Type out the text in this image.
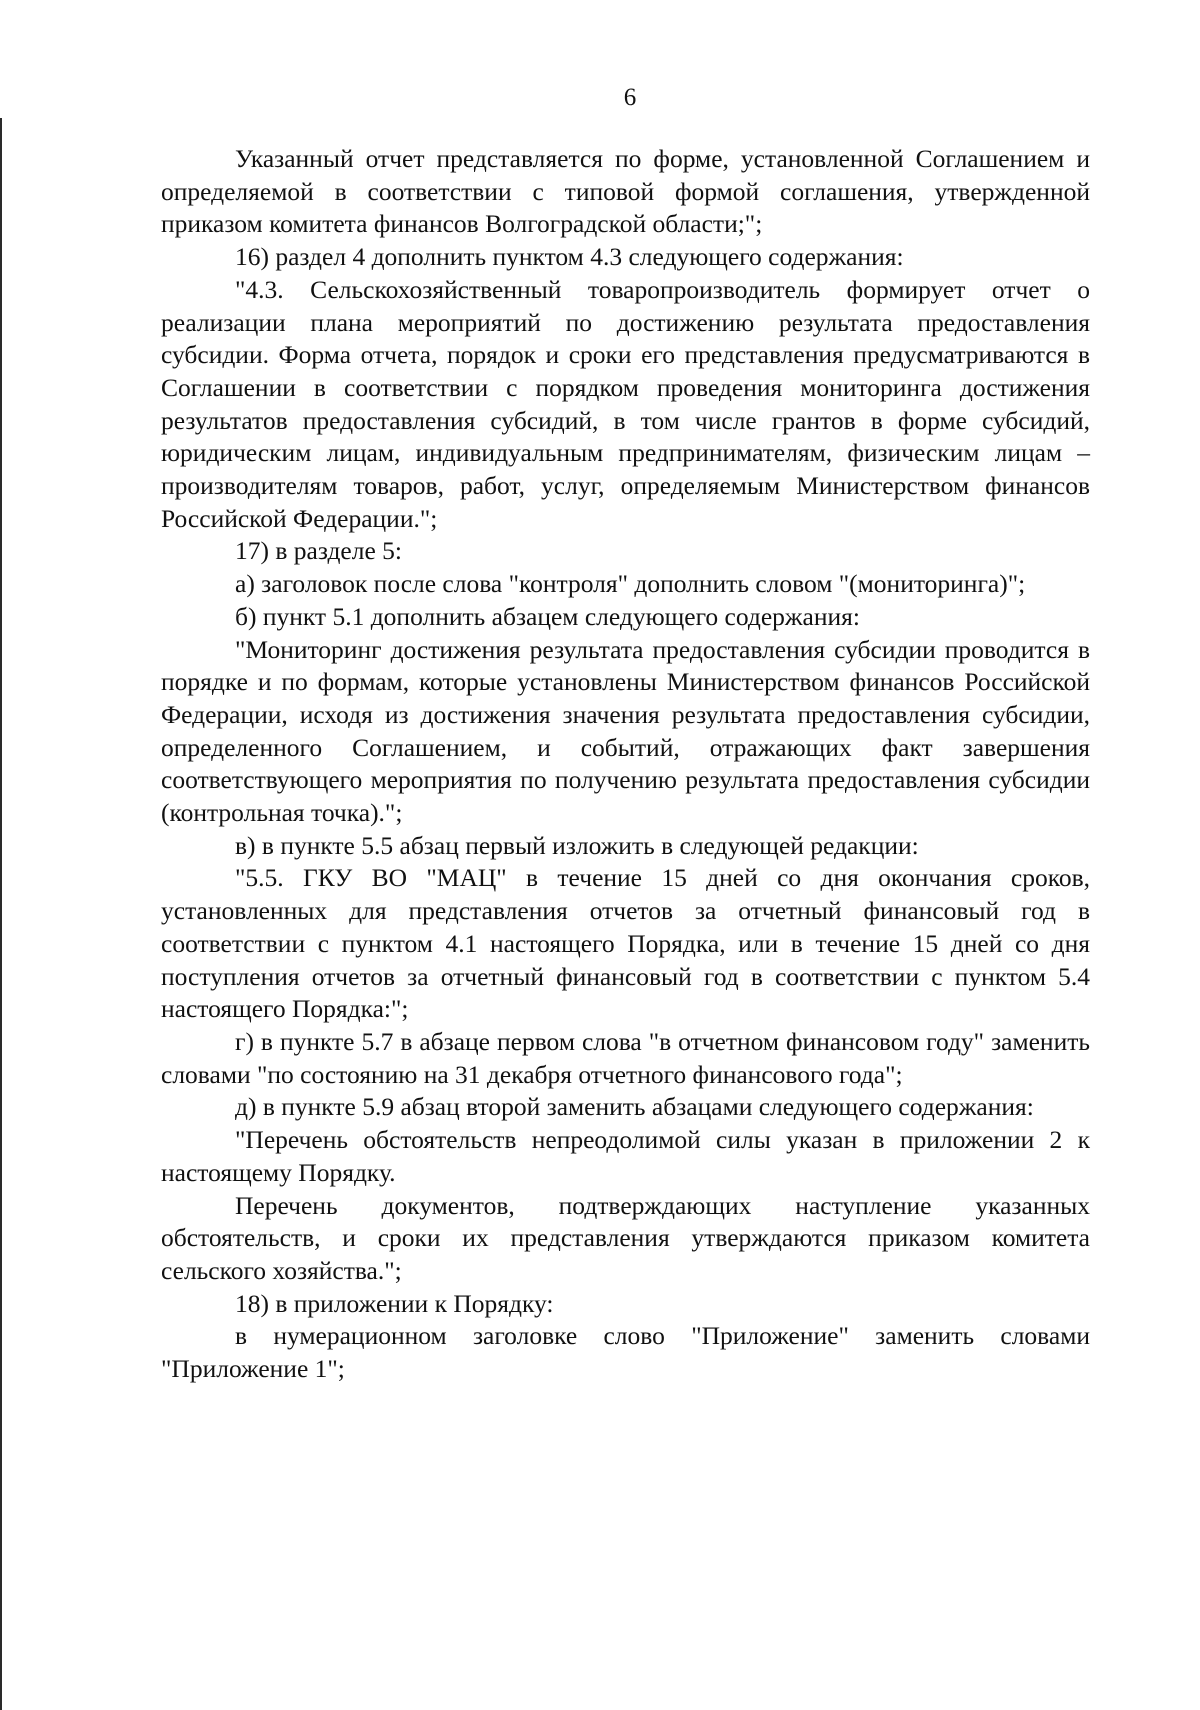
6

Указанный отчет представляется по форме, установленной Соглашением и определяемой в соответствии с типовой формой соглашения, утвержденной приказом комитета финансов Волгоградской области;";

16) раздел 4 дополнить пунктом 4.3 следующего содержания:

"4.3. Сельскохозяйственный товаропроизводитель формирует отчет о реализации плана мероприятий по достижению результата предоставления субсидии. Форма отчета, порядок и сроки его представления предусматриваются в Соглашении в соответствии с порядком проведения мониторинга достижения результатов предоставления субсидий, в том числе грантов в форме субсидий, юридическим лицам, индивидуальным предпринимателям, физическим лицам – производителям товаров, работ, услуг, определяемым Министерством финансов Российской Федерации.";

17) в разделе 5:

а) заголовок после слова "контроля" дополнить словом "(мониторинга)";

б) пункт 5.1 дополнить абзацем следующего содержания:

"Мониторинг достижения результата предоставления субсидии проводится в порядке и по формам, которые установлены Министерством финансов Российской Федерации, исходя из достижения значения результата предоставления субсидии, определенного Соглашением, и событий, отражающих факт завершения соответствующего мероприятия по получению результата предоставления субсидии (контрольная точка).";

в) в пункте 5.5 абзац первый изложить в следующей редакции:

"5.5. ГКУ ВО "МАЦ" в течение 15 дней со дня окончания сроков, установленных для представления отчетов за отчетный финансовый год в соответствии с пунктом 4.1 настоящего Порядка, или в течение 15 дней со дня поступления отчетов за отчетный финансовый год в соответствии с пунктом 5.4 настоящего Порядка:";

г) в пункте 5.7 в абзаце первом слова "в отчетном финансовом году" заменить словами "по состоянию на 31 декабря отчетного финансового года";

д) в пункте 5.9 абзац второй заменить абзацами следующего содержания:

"Перечень обстоятельств непреодолимой силы указан в приложении 2 к настоящему Порядку.

Перечень документов, подтверждающих наступление указанных обстоятельств, и сроки их представления утверждаются приказом комитета сельского хозяйства.";

18) в приложении к Порядку:

в нумерационном заголовке слово "Приложение" заменить словами "Приложение 1";
